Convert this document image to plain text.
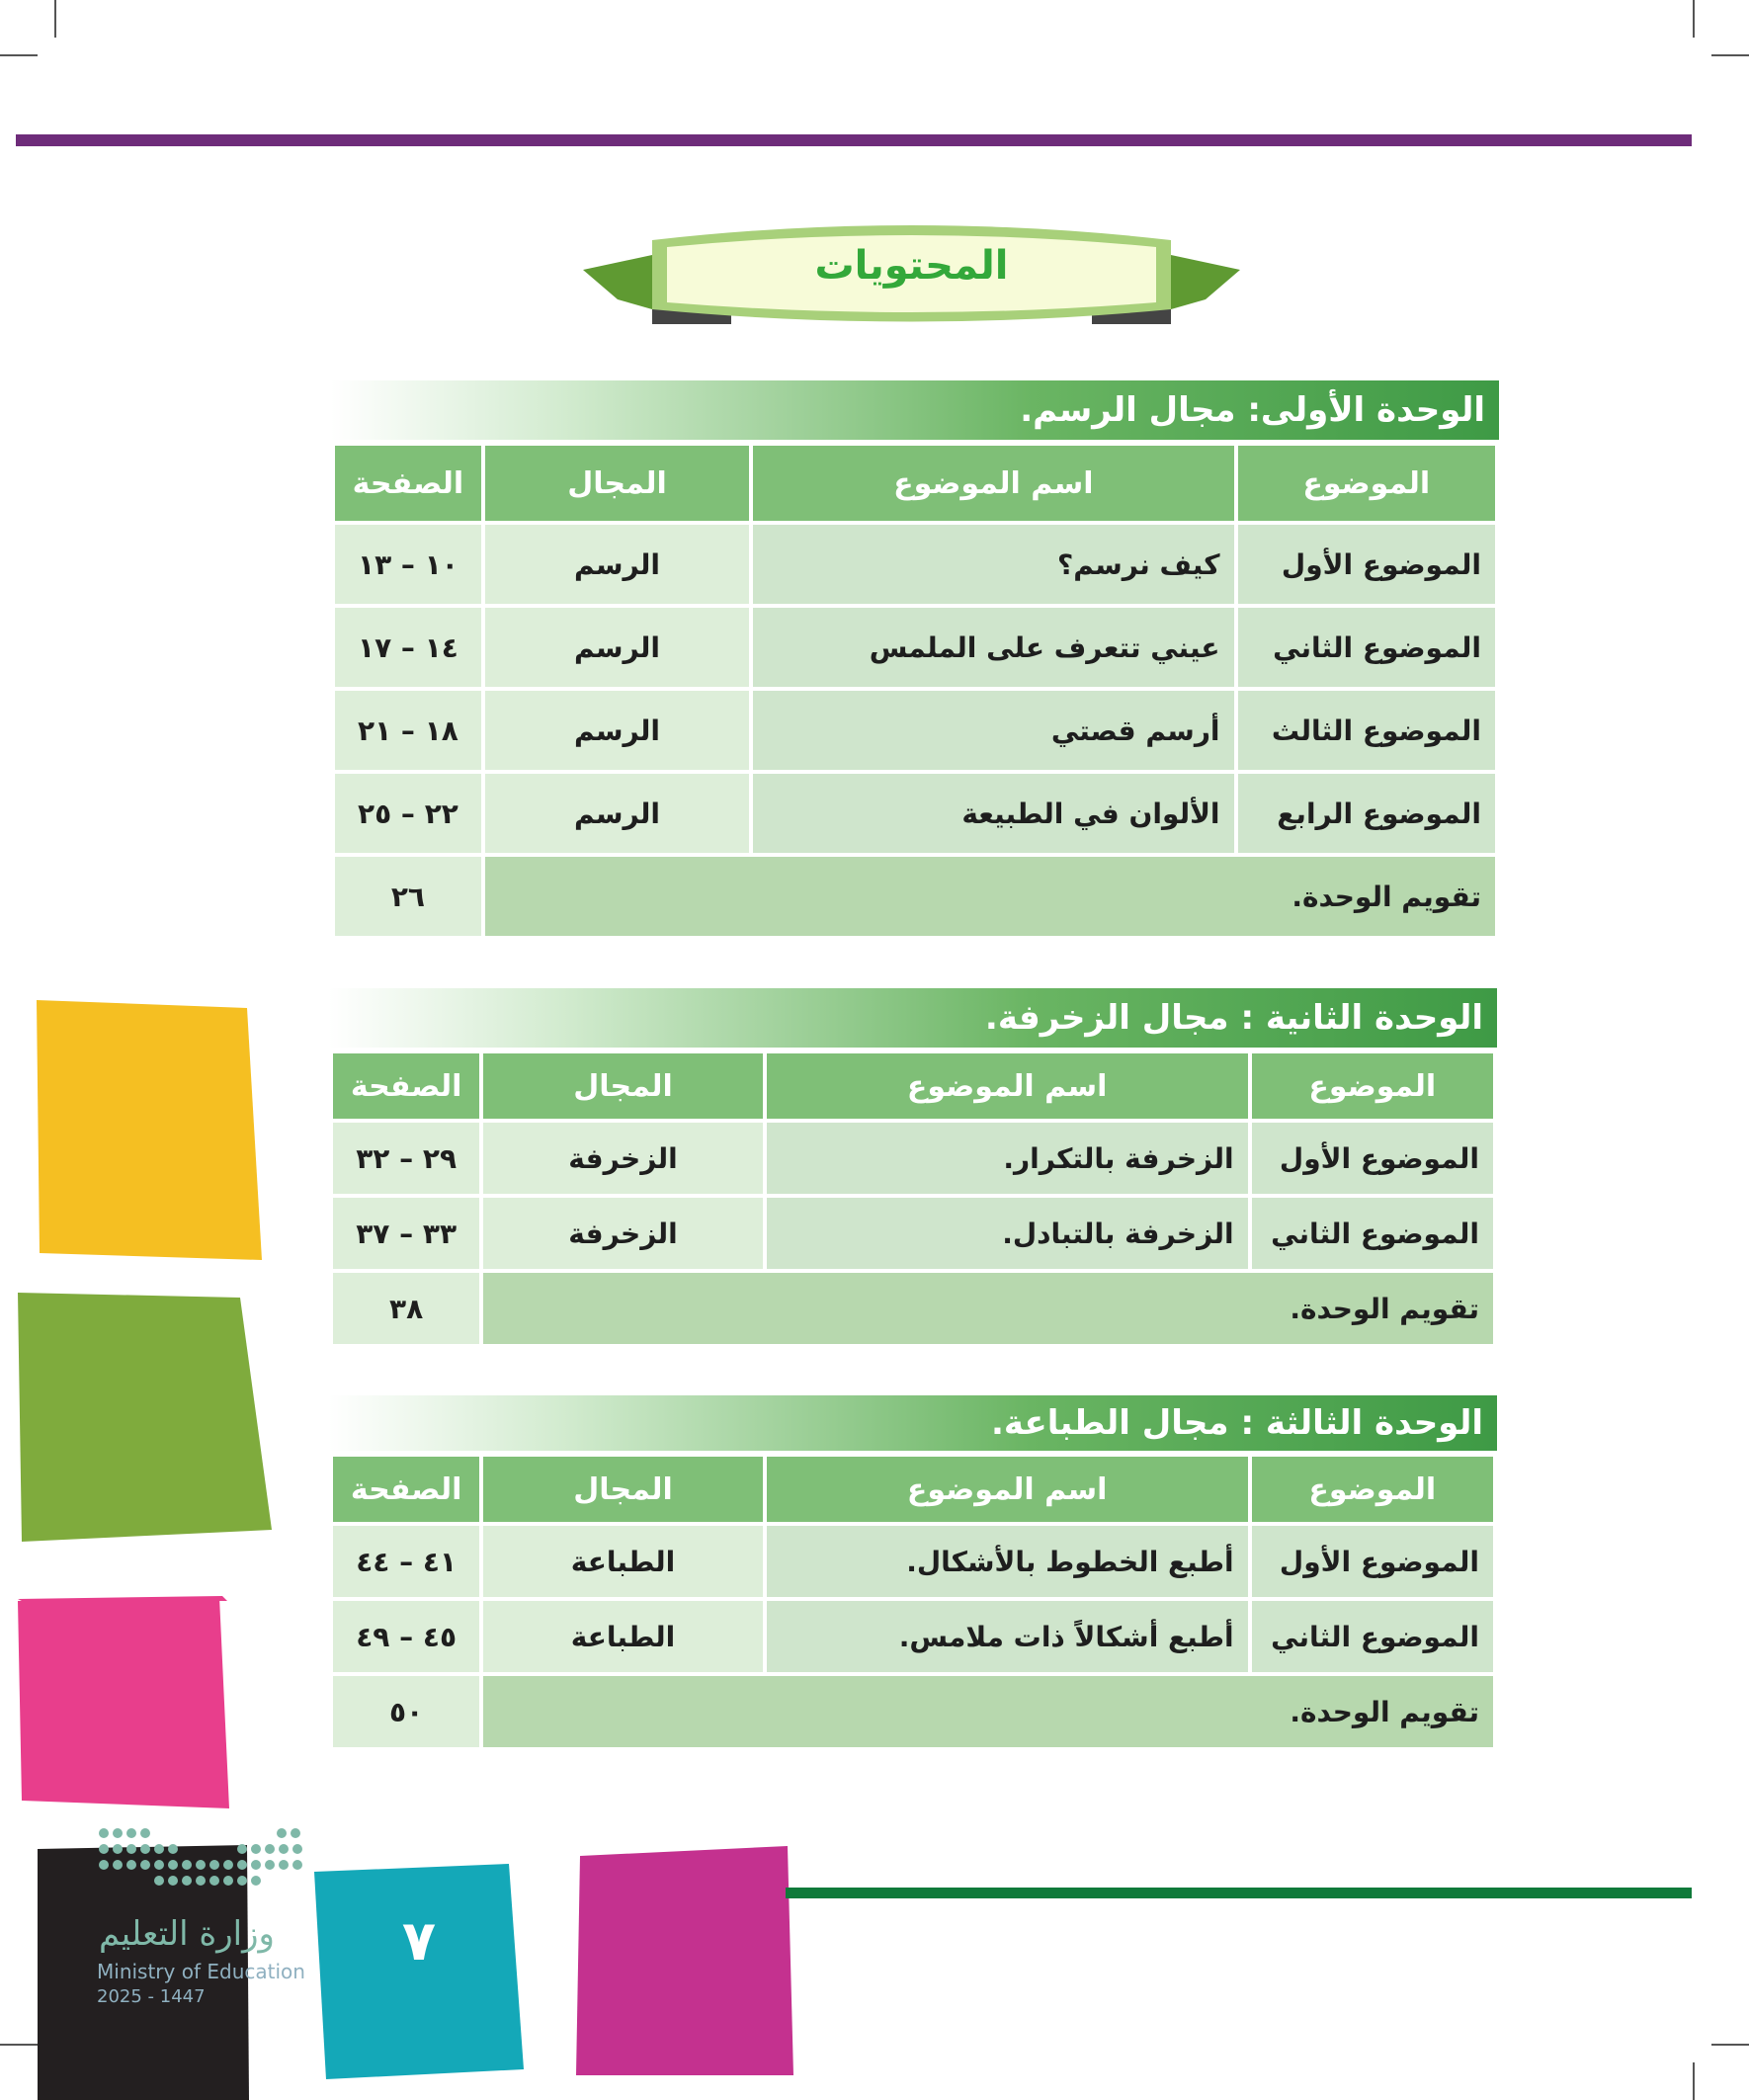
المحتويات
الوحدة الأولى: مجال الرسم.
الموضوع	اسم الموضوع	المجال	الصفحة
الموضوع الأول	كيف نرسم؟	الرسم	١٠ – ١٣
الموضوع الثاني	عيني تتعرف على الملمس	الرسم	١٤ – ١٧
الموضوع الثالث	أرسم قصتي	الرسم	١٨ – ٢١
الموضوع الرابع	الألوان في الطبيعة	الرسم	٢٢ – ٢٥
تقويم الوحدة.			٢٦
الوحدة الثانية : مجال الزخرفة.
الموضوع	اسم الموضوع	المجال	الصفحة
الموضوع الأول	الزخرفة بالتكرار.	الزخرفة	٢٩ – ٣٢
الموضوع الثاني	الزخرفة بالتبادل.	الزخرفة	٣٣ – ٣٧
تقويم الوحدة.			٣٨
الوحدة الثالثة : مجال الطباعة.
الموضوع	اسم الموضوع	المجال	الصفحة
الموضوع الأول	أطبع الخطوط بالأشكال.	الطباعة	٤١ – ٤٤
الموضوع الثاني	أطبع أشكالاً ذات ملامس.	الطباعة	٤٥ – ٤٩
تقويم الوحدة.			٥٠
وزارة التعليم
Ministry of Education
2025 - 1447
٧
